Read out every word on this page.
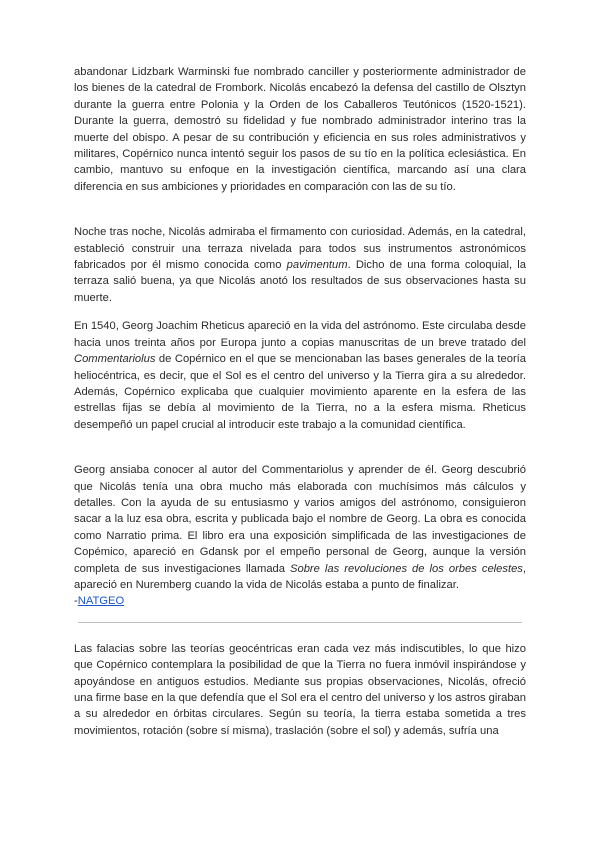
abandonar Lidzbark Warminski fue nombrado canciller y posteriormente administrador de los bienes de la catedral de Frombork. Nicolás encabezó la defensa del castillo de Olsztyn durante la guerra entre Polonia y la Orden de los Caballeros Teutónicos (1520-1521). Durante la guerra, demostró su fidelidad y fue nombrado administrador interino tras la muerte del obispo. A pesar de su contribución y eficiencia en sus roles administrativos y militares, Copérnico nunca intentó seguir los pasos de su tío en la política eclesiástica. En cambio, mantuvo su enfoque en la investigación científica, marcando así una clara diferencia en sus ambiciones y prioridades en comparación con las de su tío.

Noche tras noche, Nicolás admiraba el firmamento con curiosidad. Además, en la catedral, estableció construir una terraza nivelada para todos sus instrumentos astronómicos fabricados por él mismo conocida como pavimentum. Dicho de una forma coloquial, la terraza salió buena, ya que Nicolás anotó los resultados de sus observaciones hasta su muerte.

En 1540, Georg Joachim Rheticus apareció en la vida del astrónomo. Este circulaba desde hacia unos treinta años por Europa junto a copias manuscritas de un breve tratado del Commentariolus de Copérnico en el que se mencionaban las bases generales de la teoría heliocéntrica, es decir, que el Sol es el centro del universo y la Tierra gira a su alrededor. Además, Copérnico explicaba que cualquier movimiento aparente en la esfera de las estrellas fijas se debía al movimiento de la Tierra, no a la esfera misma. Rheticus desempeñó un papel crucial al introducir este trabajo a la comunidad científica.

Georg ansiaba conocer al autor del Commentariolus y aprender de él. Georg descubrió que Nicolás tenía una obra mucho más elaborada con muchísimos más cálculos y detalles. Con la ayuda de su entusiasmo y varios amigos del astrónomo, consiguieron sacar a la luz esa obra, escrita y publicada bajo el nombre de Georg. La obra es conocida como Narratio prima. El libro era una exposición simplificada de las investigaciones de Copémico, apareció en Gdansk por el empeño personal de Georg, aunque la versión completa de sus investigaciones llamada Sobre las revoluciones de los orbes celestes, apareció en Nuremberg cuando la vida de Nicolás estaba a punto de finalizar.

-NATGEO

Las falacias sobre las teorías geocéntricas eran cada vez más indiscutibles, lo que hizo que Copérnico contemplara la posibilidad de que la Tierra no fuera inmóvil inspirándose y apoyándose en antiguos estudios. Mediante sus propias observaciones, Nicolás, ofreció una firme base en la que defendía que el Sol era el centro del universo y los astros giraban a su alrededor en órbitas circulares. Según su teoría, la tierra estaba sometida a tres movimientos, rotación (sobre sí misma), traslación (sobre el sol) y además, sufría una
